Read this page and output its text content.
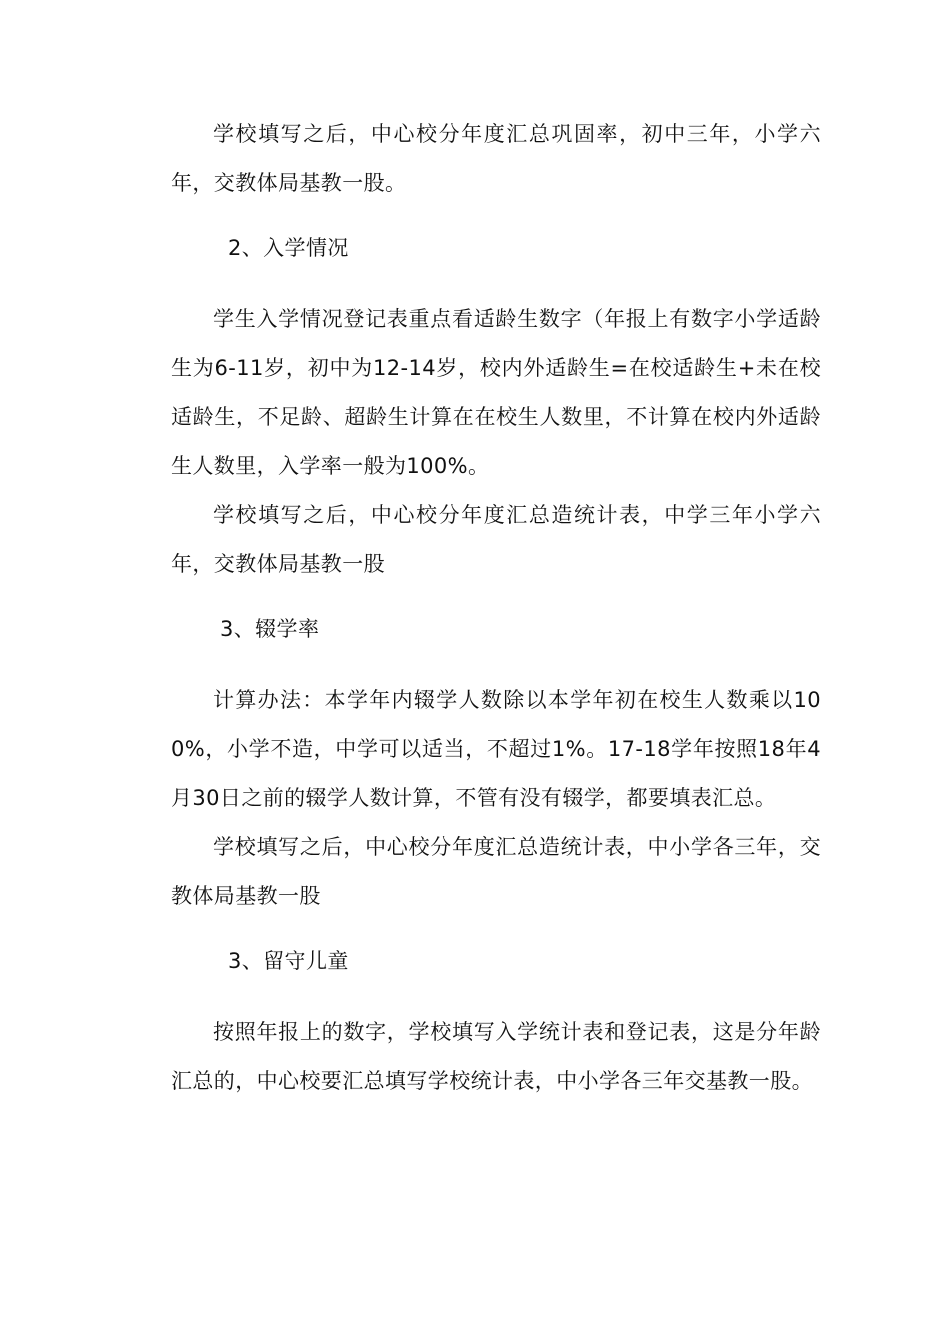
学校填写之后，中心校分年度汇总巩固率，初中三年，小学六年，交教体局基教一股。

2、入学情况

学生入学情况登记表重点看适龄生数字（年报上有数字小学适龄生为6-11岁，初中为12-14岁，校内外适龄生=在校适龄生+未在校适龄生，不足龄、超龄生计算在在校生人数里，不计算在校内外适龄生人数里，入学率一般为100%。

学校填写之后，中心校分年度汇总造统计表，中学三年小学六年，交教体局基教一股

3、辍学率

计算办法：本学年内辍学人数除以本学年初在校生人数乘以100%，小学不造，中学可以适当，不超过1%。17-18学年按照18年4月30日之前的辍学人数计算，不管有没有辍学，都要填表汇总。

学校填写之后，中心校分年度汇总造统计表，中小学各三年，交教体局基教一股

3、留守儿童

按照年报上的数字，学校填写入学统计表和登记表，这是分年龄汇总的，中心校要汇总填写学校统计表，中小学各三年交基教一股。
